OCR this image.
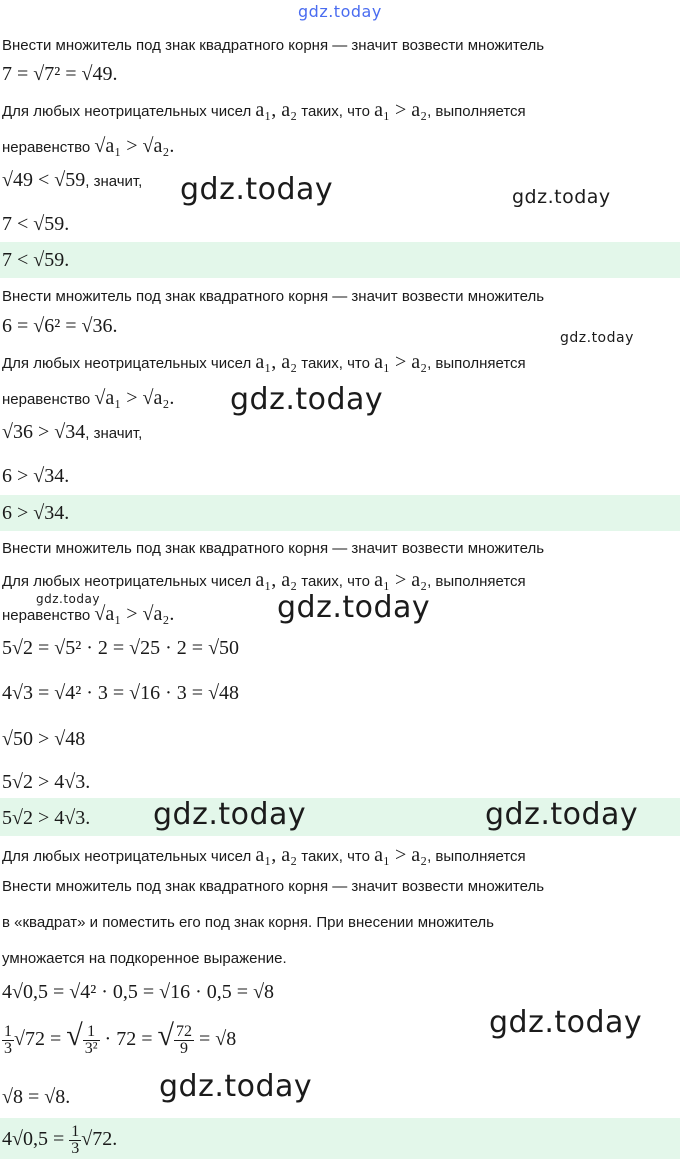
gdz.today
gdz.today	gdz.today
gdz.today
gdz.today
gdz.today	gdz.today
gdz.today	gdz.today
gdz.today
gdz.today
Внести множитель под знак квадратного корня — значит возвести множитель
7 = √7² = √49.
Для любых неотрицательных чисел a₁, a₂ таких, что a₁ > a₂, выполняется
неравенство √a₁ > √a₂.
√49 < √59, значит,
7 < √59.
7 < √59.
Внести множитель под знак квадратного корня — значит возвести множитель
6 = √6² = √36.
Для любых неотрицательных чисел a₁, a₂ таких, что a₁ > a₂, выполняется
неравенство √a₁ > √a₂.
√36 > √34, значит,
6 > √34.
6 > √34.
Внести множитель под знак квадратного корня — значит возвести множитель
Для любых неотрицательных чисел a₁, a₂ таких, что a₁ > a₂, выполняется
неравенство √a₁ > √a₂.
5√2 = √5² · 2 = √25 · 2 = √50
4√3 = √4² · 3 = √16 · 3 = √48
√50 > √48
5√2 > 4√3.
5√2 > 4√3.
Для любых неотрицательных чисел a₁, a₂ таких, что a₁ > a₂, выполняется
Внести множитель под знак квадратного корня — значит возвести множитель
в «квадрат» и поместить его под знак корня. При внесении множитель
умножается на подкоренное выражение.
4√0,5 = √4² · 0,5 = √16 · 0,5 = √8
$\frac{1}{3} √72$ = √ $\frac{1}{\text{3²}} \cdot 72$ = √ $\frac{72}{9} = √8$
√8 = √8.
$4√0,5 = \frac{1}{3} √72$.
